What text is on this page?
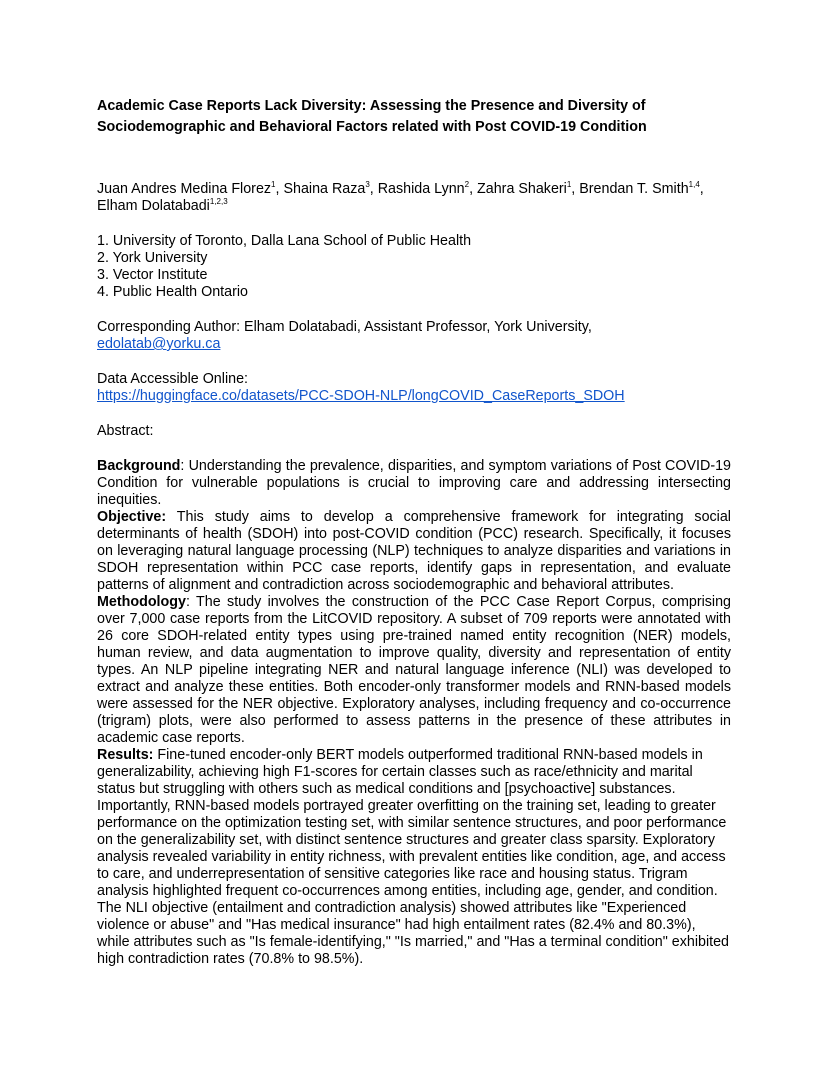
Academic Case Reports Lack Diversity: Assessing the Presence and Diversity of Sociodemographic and Behavioral Factors related with Post COVID-19 Condition
Juan Andres Medina Florez$^1$, Shaina Raza$^3$, Rashida Lynn$^2$, Zahra Shakeri$^1$, Brendan T. Smith$^{1,4}$, Elham Dolatabadi$^{1,2,3}$
1. University of Toronto, Dalla Lana School of Public Health
2. York University
3. Vector Institute
4. Public Health Ontario
Corresponding Author: Elham Dolatabadi, Assistant Professor, York University,
edolatab@yorku.ca
Data Accessible Online:
https://huggingface.co/datasets/PCC-SDOH-NLP/longCOVID_CaseReports_SDOH
Abstract:

Background: Understanding the prevalence, disparities, and symptom variations of Post COVID-19 Condition for vulnerable populations is crucial to improving care and addressing intersecting inequities.

Objective: This study aims to develop a comprehensive framework for integrating social determinants of health (SDOH) into post-COVID condition (PCC) research. Specifically, it focuses on leveraging natural language processing (NLP) techniques to analyze disparities and variations in SDOH representation within PCC case reports, identify gaps in representation, and evaluate patterns of alignment and contradiction across sociodemographic and behavioral attributes.

Methodology: The study involves the construction of the PCC Case Report Corpus, comprising over 7,000 case reports from the LitCOVID repository. A subset of 709 reports were annotated with 26 core SDOH-related entity types using pre-trained named entity recognition (NER) models, human review, and data augmentation to improve quality, diversity and representation of entity types. An NLP pipeline integrating NER and natural language inference (NLI) was developed to extract and analyze these entities. Both encoder-only transformer models and RNN-based models were assessed for the NER objective. Exploratory analyses, including frequency and co-occurrence (trigram) plots, were also performed to assess patterns in the presence of these attributes in academic case reports.

Results: Fine-tuned encoder-only BERT models outperformed traditional RNN-based models in generalizability, achieving high F1-scores for certain classes such as race/ethnicity and marital status but struggling with others such as medical conditions and [psychoactive] substances. Importantly, RNN-based models portrayed greater overfitting on the training set, leading to greater performance on the optimization testing set, with similar sentence structures, and poor performance on the generalizability set, with distinct sentence structures and greater class sparsity. Exploratory analysis revealed variability in entity richness, with prevalent entities like condition, age, and access to care, and underrepresentation of sensitive categories like race and housing status. Trigram analysis highlighted frequent co-occurrences among entities, including age, gender, and condition. The NLI objective (entailment and contradiction analysis) showed attributes like "Experienced violence or abuse" and "Has medical insurance" had high entailment rates (82.4% and 80.3%), while attributes such as "Is female-identifying," "Is married," and "Has a terminal condition" exhibited high contradiction rates (70.8% to 98.5%).
